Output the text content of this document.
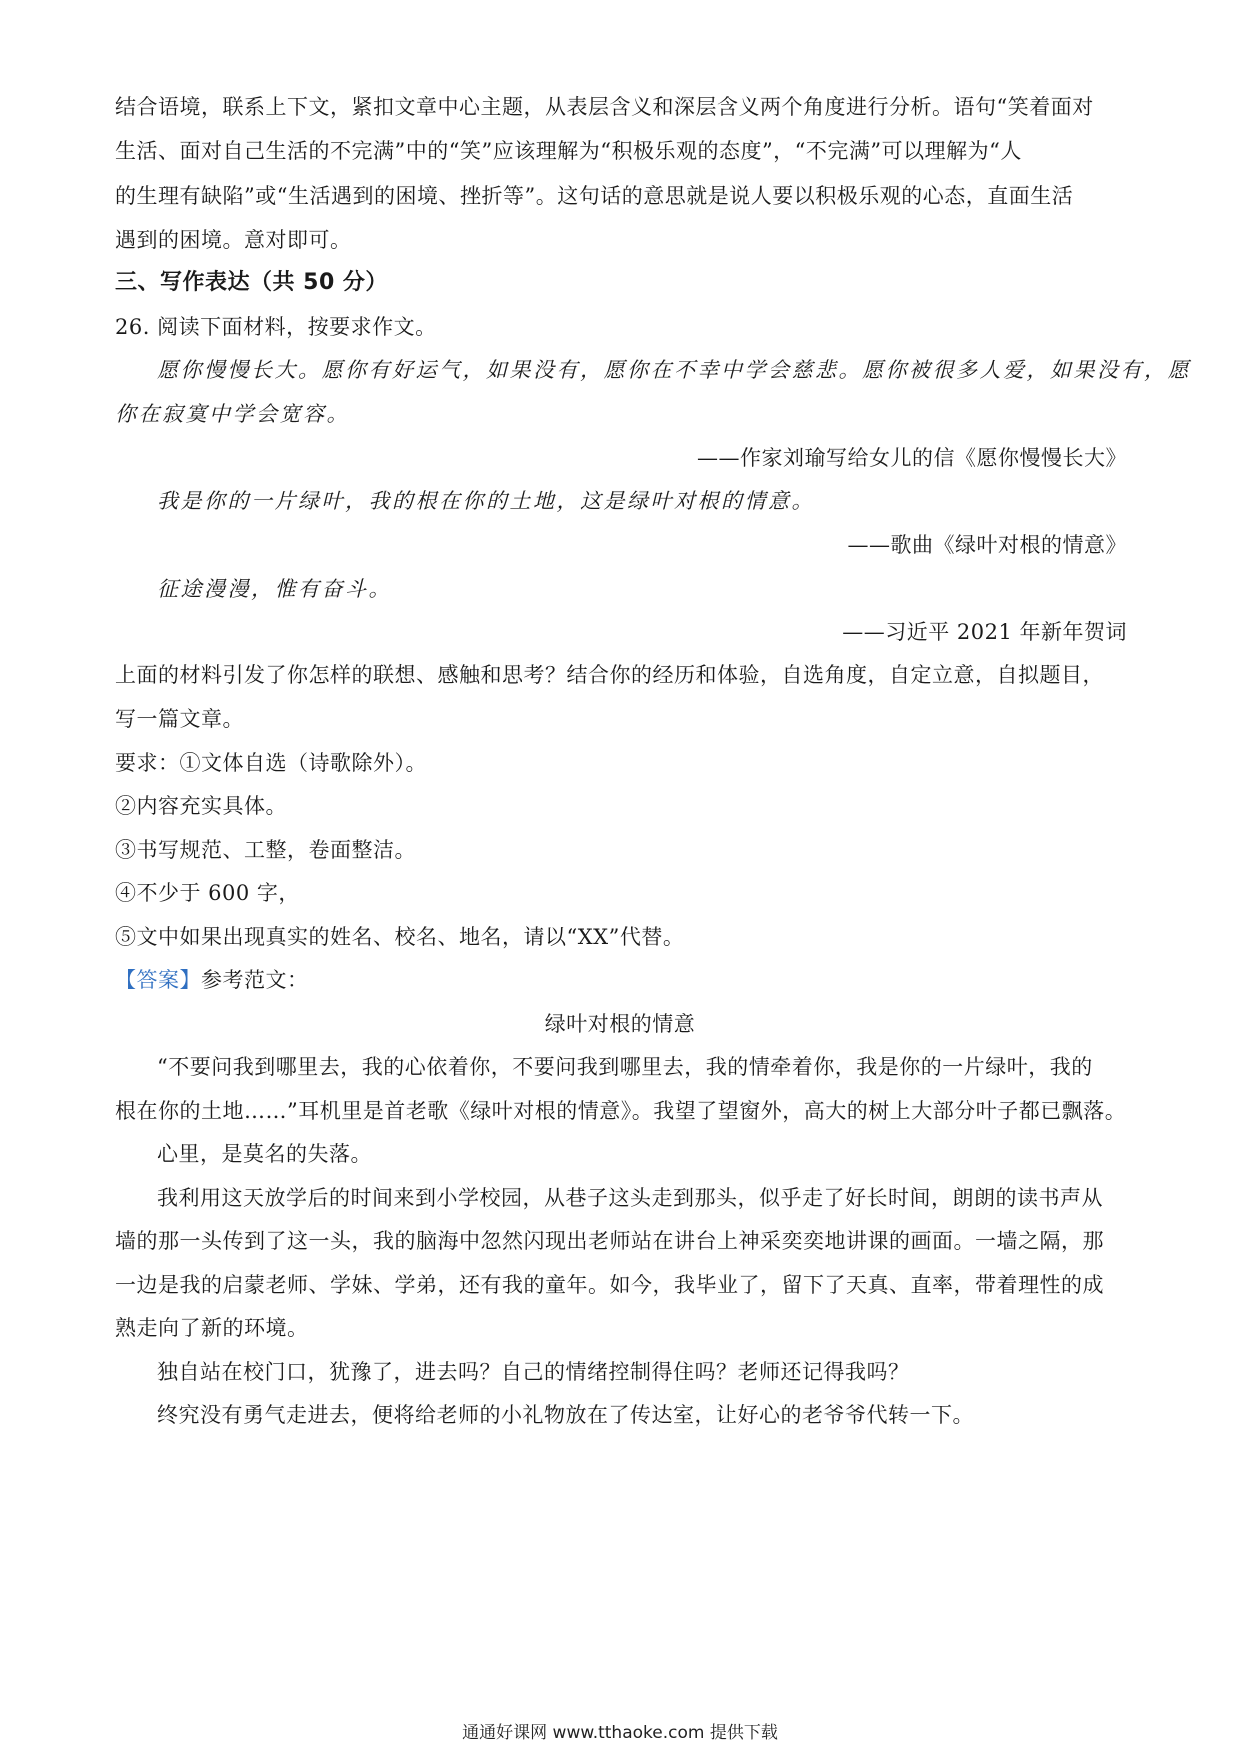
结合语境，联系上下文，紧扣文章中心主题，从表层含义和深层含义两个角度进行分析。语句“笑着面对
生活、面对自己生活的不完满”中的“笑”应该理解为“积极乐观的态度”，“不完满”可以理解为“人
的生理有缺陷”或“生活遇到的困境、挫折等”。这句话的意思就是说人要以积极乐观的心态，直面生活
遇到的困境。意对即可。
三、写作表达（共 50 分）
26. 阅读下面材料，按要求作文。
愿你慢慢长大。愿你有好运气，如果没有，愿你在不幸中学会慈悲。愿你被很多人爱，如果没有，愿
你在寂寞中学会宽容。
——作家刘瑜写给女儿的信《愿你慢慢长大》
我是你的一片绿叶，我的根在你的土地，这是绿叶对根的情意。
——歌曲《绿叶对根的情意》
征途漫漫，惟有奋斗。
——习近平 2021 年新年贺词
上面的材料引发了你怎样的联想、感触和思考？结合你的经历和体验，自选角度，自定立意，自拟题目，
写一篇文章。
要求：①文体自选（诗歌除外）。
②内容充实具体。
③书写规范、工整，卷面整洁。
④不少于 600 字，
⑤文中如果出现真实的姓名、校名、地名，请以“XX”代替。
【答案】参考范文：
绿叶对根的情意
“不要问我到哪里去，我的心依着你，不要问我到哪里去，我的情牵着你，我是你的一片绿叶，我的
根在你的土地……”耳机里是首老歌《绿叶对根的情意》。我望了望窗外，高大的树上大部分叶子都已飘落。
心里，是莫名的失落。
我利用这天放学后的时间来到小学校园，从巷子这头走到那头，似乎走了好长时间，朗朗的读书声从
墙的那一头传到了这一头，我的脑海中忽然闪现出老师站在讲台上神采奕奕地讲课的画面。一墙之隔，那
一边是我的启蒙老师、学妹、学弟，还有我的童年。如今，我毕业了，留下了天真、直率，带着理性的成
熟走向了新的环境。
独自站在校门口，犹豫了，进去吗？自己的情绪控制得住吗？老师还记得我吗？
终究没有勇气走进去，便将给老师的小礼物放在了传达室，让好心的老爷爷代转一下。
通通好课网 www.tthaoke.com 提供下载
